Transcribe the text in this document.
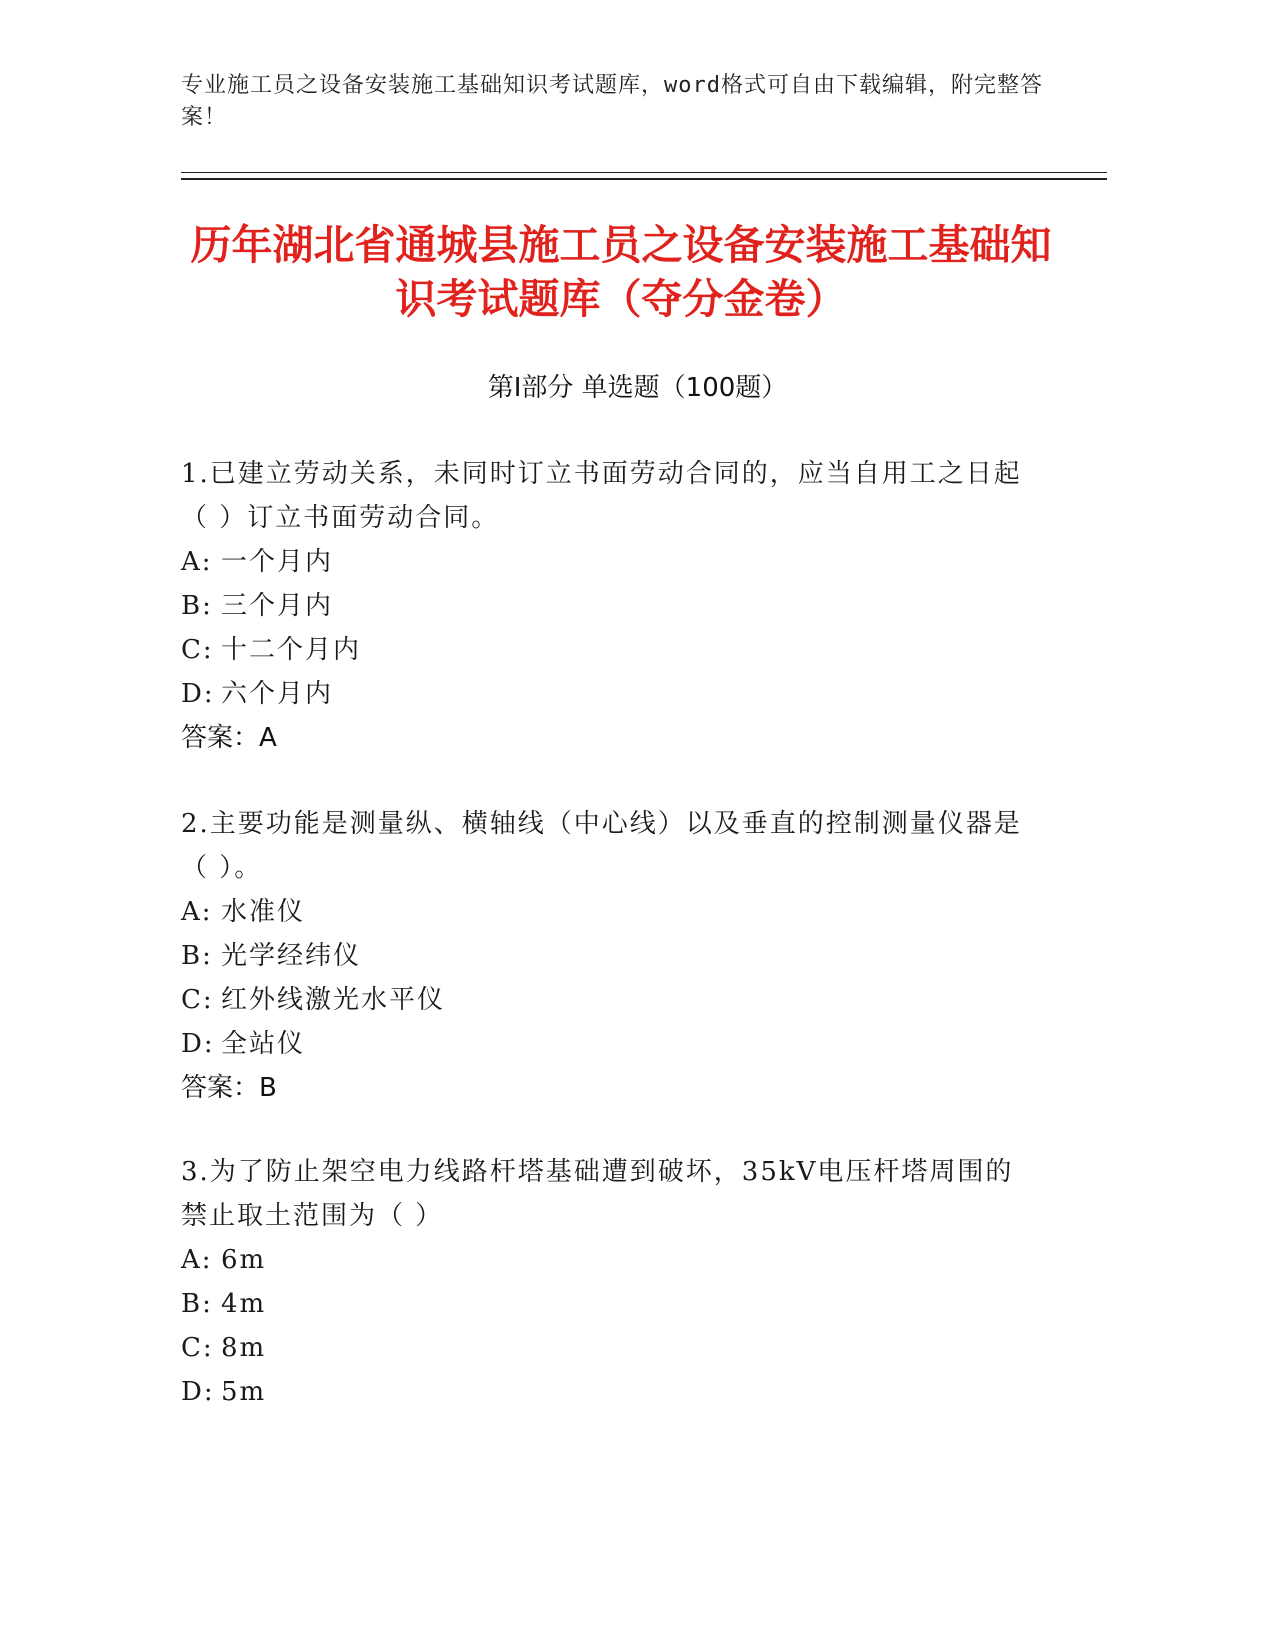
专业施工员之设备安装施工基础知识考试题库，word格式可自由下载编辑，附完整答案！
历年湖北省通城县施工员之设备安装施工基础知识考试题库（夺分金卷）
第I部分 单选题（100题）
1.已建立劳动关系，未同时订立书面劳动合同的，应当自用工之日起（ ）订立书面劳动合同。
A: 一个月内
B: 三个月内
C: 十二个月内
D: 六个月内
答案：A
2.主要功能是测量纵、横轴线（中心线）以及垂直的控制测量仪器是（ ）。
A: 水准仪
B: 光学经纬仪
C: 红外线激光水平仪
D: 全站仪
答案：B
3.为了防止架空电力线路杆塔基础遭到破坏，35kV电压杆塔周围的禁止取土范围为（ ）
A: 6m
B: 4m
C: 8m
D: 5m
